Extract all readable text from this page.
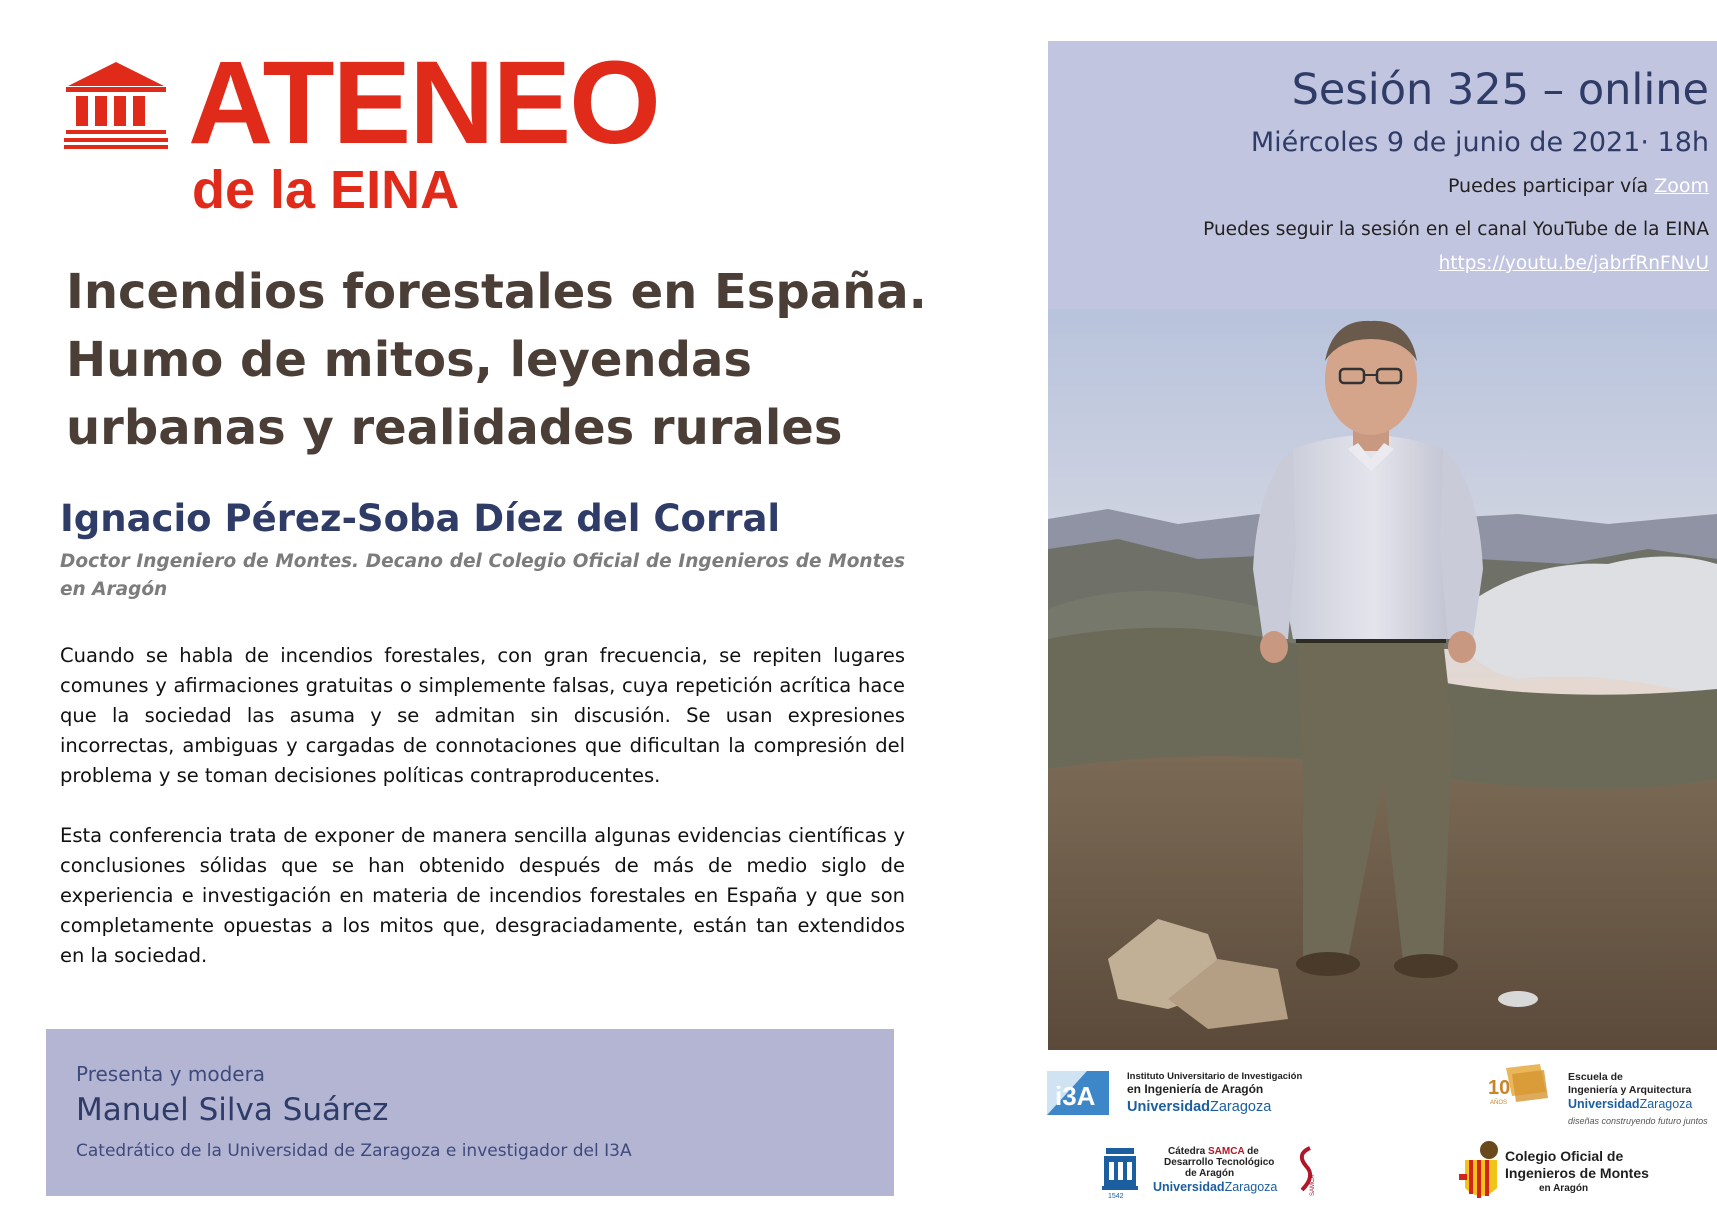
ATENEO
de la EINA
Incendios forestales en España.
Humo de mitos, leyendas
urbanas y realidades rurales
Ignacio Pérez-Soba Díez del Corral
Doctor Ingeniero de Montes. Decano del Colegio Oficial de Ingenieros de Montes en Aragón
Cuando se habla de incendios forestales, con gran frecuencia, se repiten lugares comunes y afirmaciones gratuitas o simplemente falsas, cuya repetición acrítica hace que la sociedad las asuma y se admitan sin discusión. Se usan expresiones incorrectas, ambiguas y cargadas de connotaciones que dificultan la compresión del problema y se toman decisiones políticas contraproducentes.
Esta conferencia trata de exponer de manera sencilla algunas evidencias científicas y conclusiones sólidas que se han obtenido después de más de medio siglo de experiencia e investigación en materia de incendios forestales en España y que son completamente opuestas a los mitos que, desgraciadamente, están tan extendidos en la sociedad.
Presenta y modera
Manuel Silva Suárez
Catedrático de la Universidad de Zaragoza e investigador del I3A
Sesión 325 – online
Miércoles 9 de junio de 2021· 18h
Puedes participar vía Zoom
Puedes seguir la sesión en el canal YouTube de la EINA
https://youtu.be/jabrfRnFNvU
i3A
Instituto Universitario de Investigación
en Ingeniería de Aragón
UniversidadZaragoza
10
AÑOS
Escuela de
Ingeniería y Arquitectura
UniversidadZaragoza
diseñas construyendo futuro juntos
1542
Cátedra SAMCA de
Desarrollo Tecnológico
de Aragón
UniversidadZaragoza	SAMCA
Colegio Oficial de
Ingenieros de Montes
en Aragón
